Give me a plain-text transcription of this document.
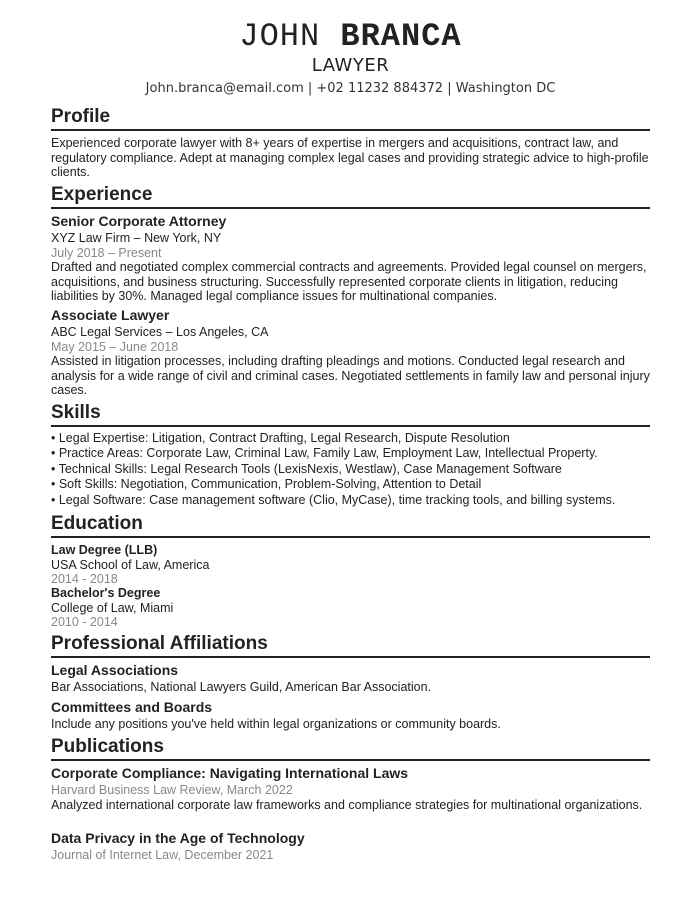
JOHN BRANCA
LAWYER
John.branca@email.com | +02 11232 884372 | Washington DC
Profile
Experienced corporate lawyer with 8+ years of expertise in mergers and acquisitions, contract law, and regulatory compliance. Adept at managing complex legal cases and providing strategic advice to high-profile clients.
Experience
Senior Corporate Attorney
XYZ Law Firm – New York, NY
July 2018 – Present
Drafted and negotiated complex commercial contracts and agreements. Provided legal counsel on mergers, acquisitions, and business structuring. Successfully represented corporate clients in litigation, reducing liabilities by 30%. Managed legal compliance issues for multinational companies.
Associate Lawyer
ABC Legal Services – Los Angeles, CA
May 2015 – June 2018
Assisted in litigation processes, including drafting pleadings and motions. Conducted legal research and analysis for a wide range of civil and criminal cases. Negotiated settlements in family law and personal injury cases.
Skills
• Legal Expertise: Litigation, Contract Drafting, Legal Research, Dispute Resolution
• Practice Areas: Corporate Law, Criminal Law, Family Law, Employment Law, Intellectual Property.
• Technical Skills: Legal Research Tools (LexisNexis, Westlaw), Case Management Software
• Soft Skills: Negotiation, Communication, Problem-Solving, Attention to Detail
• Legal Software: Case management software (Clio, MyCase), time tracking tools, and billing systems.
Education
Law Degree (LLB)
USA School of Law, America
2014 - 2018
Bachelor's Degree
College of Law, Miami
2010 - 2014
Professional Affiliations
Legal Associations
Bar Associations, National Lawyers Guild, American Bar Association.
Committees and Boards
Include any positions you've held within legal organizations or community boards.
Publications
Corporate Compliance: Navigating International Laws
Harvard Business Law Review, March 2022
Analyzed international corporate law frameworks and compliance strategies for multinational organizations.
Data Privacy in the Age of Technology
Journal of Internet Law, December 2021
